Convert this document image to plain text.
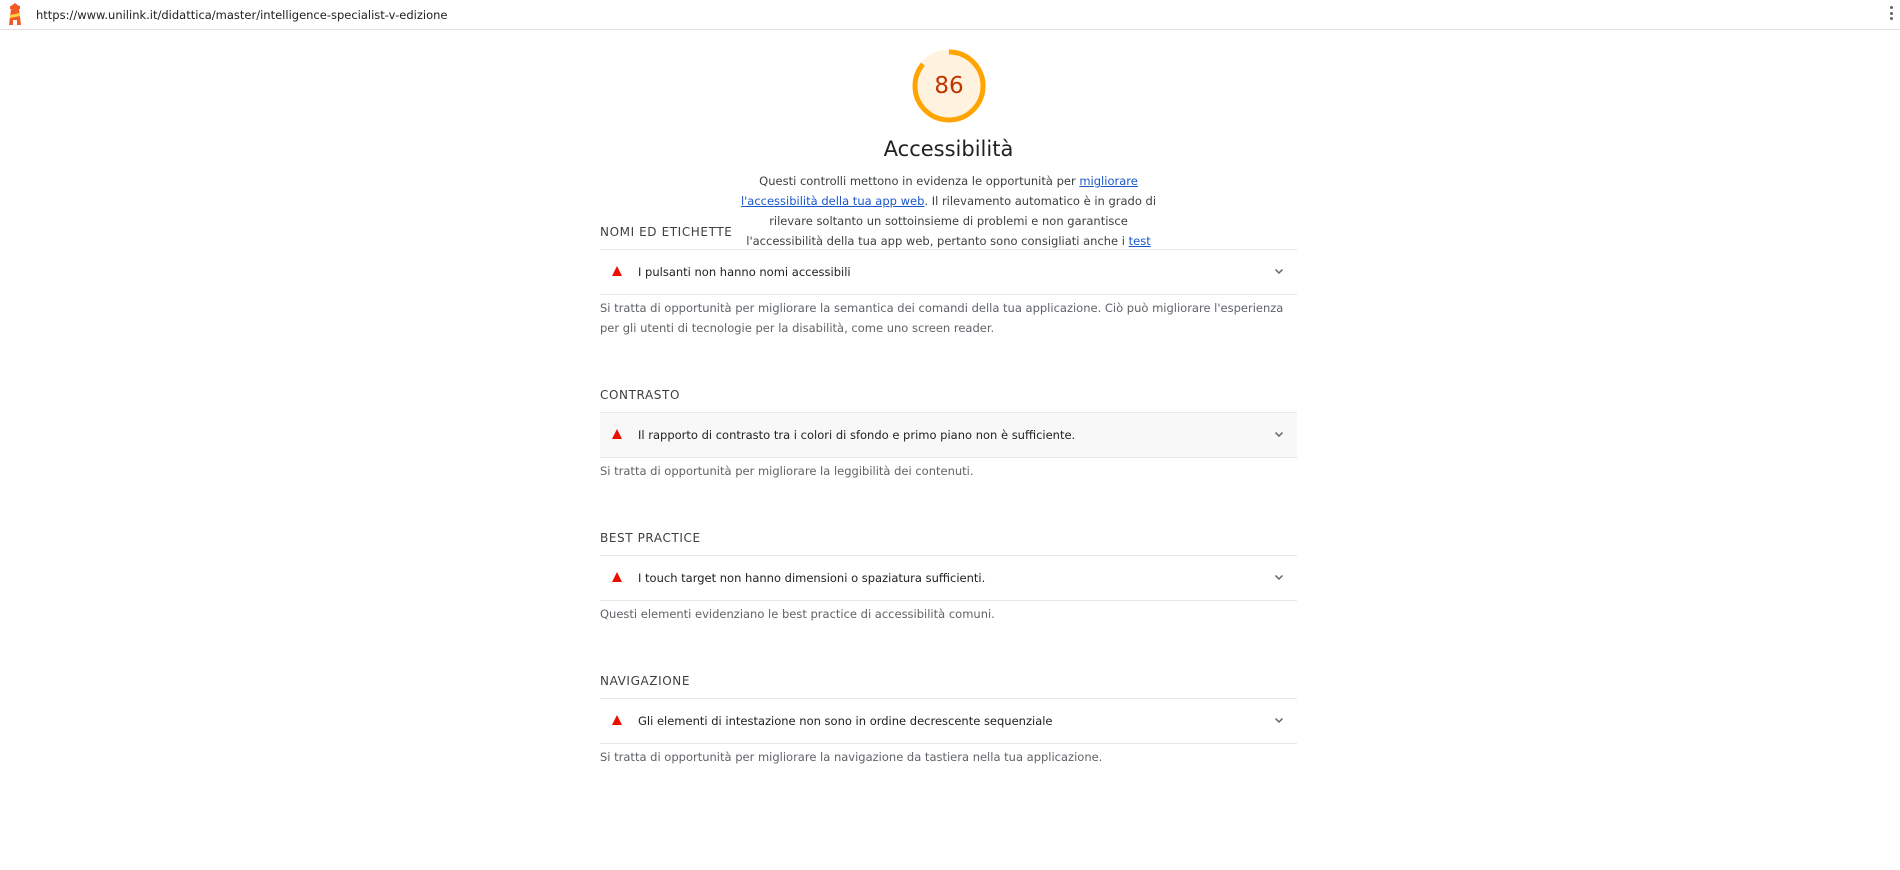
https://www.unilink.it/didattica/master/intelligence-specialist-v-edizione
86
Accessibilità
Questi controlli mettono in evidenza le opportunità per migliorare l'accessibilità della tua app web. Il rilevamento automatico è in grado di rilevare soltanto un sottoinsieme di problemi e non garantisce l'accessibilità della tua app web, pertanto sono consigliati anche i test
NOMI ED ETICHETTE
I pulsanti non hanno nomi accessibili
Si tratta di opportunità per migliorare la semantica dei comandi della tua applicazione. Ciò può migliorare l'esperienza per gli utenti di tecnologie per la disabilità, come uno screen reader.
CONTRASTO
Il rapporto di contrasto tra i colori di sfondo e primo piano non è sufficiente.
Si tratta di opportunità per migliorare la leggibilità dei contenuti.
BEST PRACTICE
I touch target non hanno dimensioni o spaziatura sufficienti.
Questi elementi evidenziano le best practice di accessibilità comuni.
NAVIGAZIONE
Gli elementi di intestazione non sono in ordine decrescente sequenziale
Si tratta di opportunità per migliorare la navigazione da tastiera nella tua applicazione.
